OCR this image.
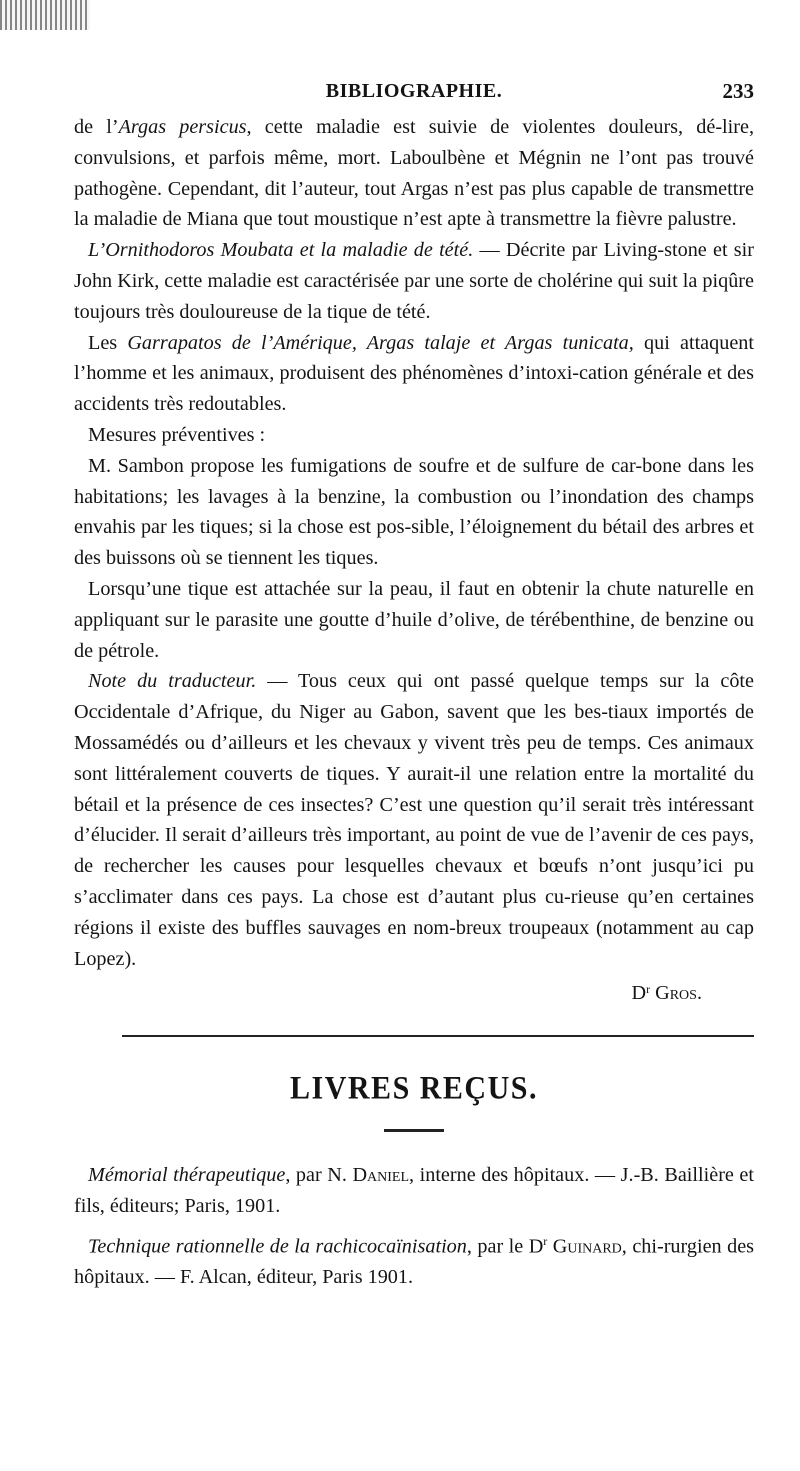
BIBLIOGRAPHIE.	233

de l’Argas persicus, cette maladie est suivie de violentes douleurs, dé-lire, convulsions, et parfois même, mort. Laboulbène et Mégnin ne l’ont pas trouvé pathogène. Cependant, dit l’auteur, tout Argas n’est pas plus capable de transmettre la maladie de Miana que tout moustique n’est apte à transmettre la fièvre palustre.

L’Ornithodoros Moubata et la maladie de tété. — Décrite par Living-stone et sir John Kirk, cette maladie est caractérisée par une sorte de cholérine qui suit la piqûre toujours très douloureuse de la tique de tété.

Les Garrapatos de l’Amérique, Argas talaje et Argas tunicata, qui attaquent l’homme et les animaux, produisent des phénomènes d’intoxi-cation générale et des accidents très redoutables.

Mesures préventives :

M. Sambon propose les fumigations de soufre et de sulfure de car-bone dans les habitations; les lavages à la benzine, la combustion ou l’inondation des champs envahis par les tiques; si la chose est pos-sible, l’éloignement du bétail des arbres et des buissons où se tiennent les tiques.

Lorsqu’une tique est attachée sur la peau, il faut en obtenir la chute naturelle en appliquant sur le parasite une goutte d’huile d’olive, de térébenthine, de benzine ou de pétrole.

Note du traducteur. — Tous ceux qui ont passé quelque temps sur la côte Occidentale d’Afrique, du Niger au Gabon, savent que les bes-tiaux importés de Mossamédés ou d’ailleurs et les chevaux y vivent très peu de temps. Ces animaux sont littéralement couverts de tiques. Y aurait-il une relation entre la mortalité du bétail et la présence de ces insectes? C’est une question qu’il serait très intéressant d’élucider. Il serait d’ailleurs très important, au point de vue de l’avenir de ces pays, de rechercher les causes pour lesquelles chevaux et bœufs n’ont jusqu’ici pu s’acclimater dans ces pays. La chose est d’autant plus cu-rieuse qu’en certaines régions il existe des buffles sauvages en nom-breux troupeaux (notamment au cap Lopez).

$D^r$ Gros.

LIVRES REÇUS.

Mémorial thérapeutique, par N. Daniel, interne des hôpitaux. — J.-B. Baillière et fils, éditeurs; Paris, 1901.

Technique rationnelle de la rachicocaïnisation, par le $D^r$ Guinard, chi-rurgien des hôpitaux. — F. Alcan, éditeur, Paris 1901.
